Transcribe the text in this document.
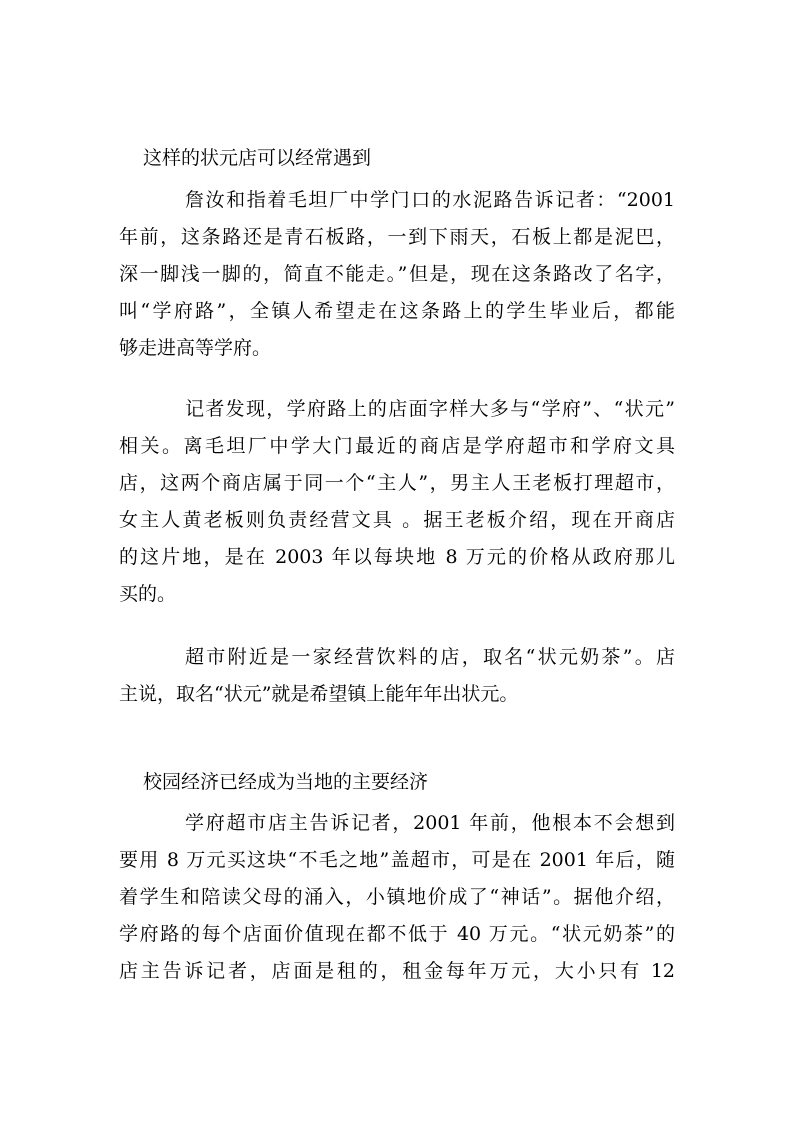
这样的状元店可以经常遇到
詹汝和指着毛坦厂中学门口的水泥路告诉记者：“2001
年前，这条路还是青石板路，一到下雨天，石板上都是泥巴，
深一脚浅一脚的，简直不能走。”但是，现在这条路改了名字，
叫“学府路”，全镇人希望走在这条路上的学生毕业后，都能
够走进高等学府。
记者发现，学府路上的店面字样大多与“学府”、“状元”
相关。离毛坦厂中学大门最近的商店是学府超市和学府文具
店，这两个商店属于同一个“主人”，男主人王老板打理超市，
女主人黄老板则负责经营文具 。据王老板介绍，现在开商店
的这片地，是在 2003 年以每块地 8 万元的价格从政府那儿
买的。
超市附近是一家经营饮料的店，取名“状元奶茶”。店
主说，取名“状元”就是希望镇上能年年出状元。
校园经济已经成为当地的主要经济
学府超市店主告诉记者，2001 年前，他根本不会想到
要用 8 万元买这块“不毛之地”盖超市，可是在 2001 年后，随
着学生和陪读父母的涌入，小镇地价成了“神话”。据他介绍，
学府路的每个店面价值现在都不低于 40 万元。“状元奶茶”的
店主告诉记者，店面是租的，租金每年万元，大小只有 12
